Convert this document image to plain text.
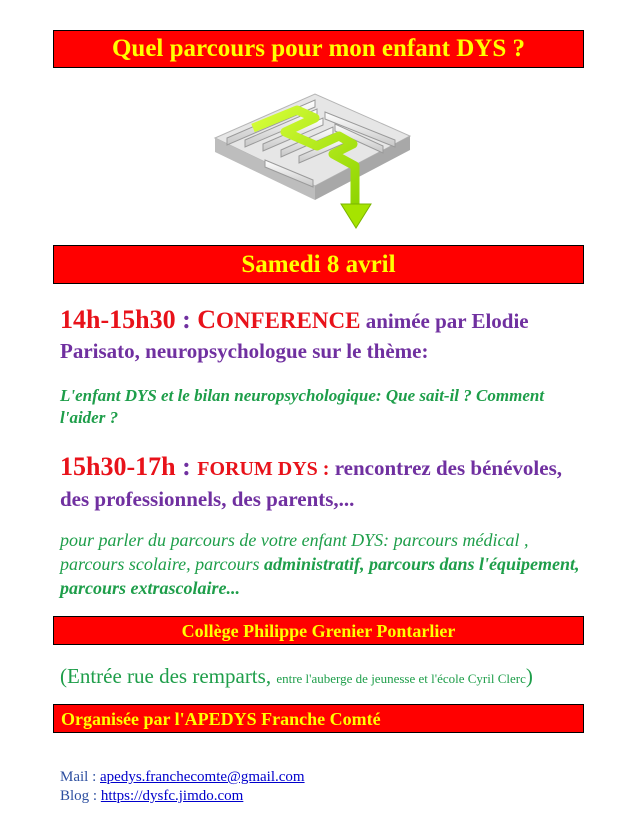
Quel parcours pour mon enfant DYS ?
Samedi 8 avril
14h-15h30 : CONFERENCE animée par Elodie Parisato, neuropsychologue sur le thème:
L'enfant DYS et le bilan neuropsychologique: Que sait-il ? Comment l'aider ?
15h30-17h : FORUM DYS : rencontrez des bénévoles, des professionnels, des parents,...
pour parler du parcours de votre enfant DYS: parcours médical , parcours scolaire, parcours administratif, parcours dans l'équipement, parcours extrascolaire...
Collège Philippe Grenier Pontarlier
(Entrée rue des remparts, entre l'auberge de jeunesse et l'école Cyril Clerc)
Organisée par l'APEDYS Franche Comté
Mail : apedys.franchecomte@gmail.com
Blog : https://dysfc.jimdo.com
